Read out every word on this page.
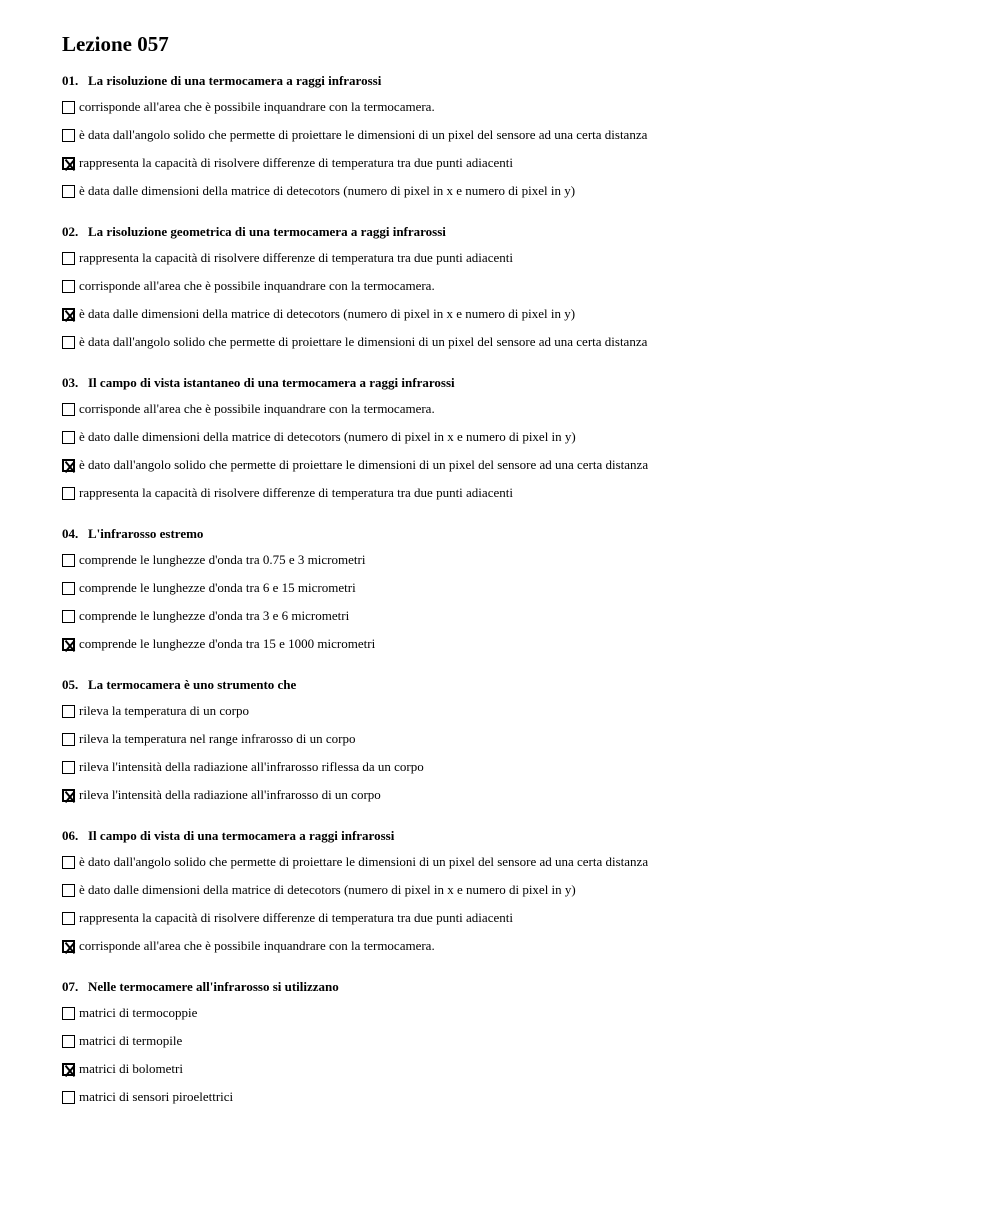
Lezione 057
01. La risoluzione di una termocamera a raggi infrarossi
corrisponde all'area che è possibile inquandrare con la termocamera.
è data dall'angolo solido che permette di proiettare le dimensioni di un pixel del sensore ad una certa distanza
rappresenta la capacità di risolvere differenze di temperatura tra due punti adiacenti
è data dalle dimensioni della matrice di detecotors (numero di pixel in x e numero di pixel in y)
02. La risoluzione geometrica di una termocamera a raggi infrarossi
rappresenta la capacità di risolvere differenze di temperatura tra due punti adiacenti
corrisponde all'area che è possibile inquandrare con la termocamera.
è data dalle dimensioni della matrice di detecotors (numero di pixel in x e numero di pixel in y)
è data dall'angolo solido che permette di proiettare le dimensioni di un pixel del sensore ad una certa distanza
03. Il campo di vista istantaneo di una termocamera a raggi infrarossi
corrisponde all'area che è possibile inquandrare con la termocamera.
è dato dalle dimensioni della matrice di detecotors (numero di pixel in x e numero di pixel in y)
è dato dall'angolo solido che permette di proiettare le dimensioni di un pixel del sensore ad una certa distanza
rappresenta la capacità di risolvere differenze di temperatura tra due punti adiacenti
04. L'infrarosso estremo
comprende le lunghezze d'onda tra 0.75 e 3 micrometri
comprende le lunghezze d'onda tra 6 e 15 micrometri
comprende le lunghezze d'onda tra 3 e 6 micrometri
comprende le lunghezze d'onda tra 15 e 1000 micrometri
05. La termocamera è uno strumento che
rileva la temperatura di un corpo
rileva la temperatura nel range infrarosso di un corpo
rileva l'intensità della radiazione all'infrarosso riflessa da un corpo
rileva l'intensità della radiazione all'infrarosso di un corpo
06. Il campo di vista di una termocamera a raggi infrarossi
è dato dall'angolo solido che permette di proiettare le dimensioni di un pixel del sensore ad una certa distanza
è dato dalle dimensioni della matrice di detecotors (numero di pixel in x e numero di pixel in y)
rappresenta la capacità di risolvere differenze di temperatura tra due punti adiacenti
corrisponde all'area che è possibile inquandrare con la termocamera.
07. Nelle termocamere all'infrarosso si utilizzano
matrici di termocoppie
matrici di termopile
matrici di bolometri
matrici di sensori piroelettrici
